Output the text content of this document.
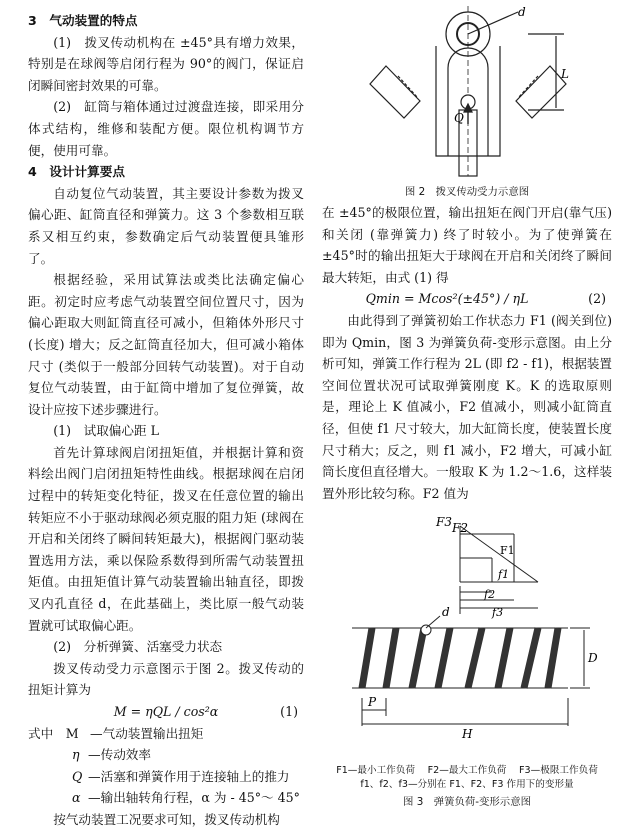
3　气动装置的特点

(1)　拨叉传动机构在 ±45°具有增力效果，特别是在球阀等启闭行程为 90°的阀门，保证启闭瞬间密封效果的可靠。

(2)　缸筒与箱体通过过渡盘连接，即采用分体式结构，维修和装配方便。限位机构调节方便，使用可靠。

4　设计计算要点

自动复位气动装置，其主要设计参数为拨叉偏心距、缸筒直径和弹簧力。这 3 个参数相互联系又相互约束，参数确定后气动装置便具雏形了。

根据经验，采用试算法或类比法确定偏心距。初定时应考虑气动装置空间位置尺寸，因为偏心距取大则缸筒直径可减小，但箱体外形尺寸 (长度) 增大；反之缸筒直径加大，但可减小箱体尺寸 (类似于一般部分回转气动装置)。对于自动复位气动装置，由于缸筒中增加了复位弹簧，故设计应按下述步骤进行。

(1)　试取偏心距 L

首先计算球阀启闭扭矩值，并根据计算和资料绘出阀门启闭扭矩特性曲线。根据球阀在启闭过程中的转矩变化特征，拨叉在任意位置的输出转矩应不小于驱动球阀必须克服的阻力矩 (球阀在开启和关闭终了瞬间转矩最大)，根据阀门驱动装置选用方法，乘以保险系数得到所需气动装置扭矩值。由扭矩值计算气动装置输出轴直径，即拨叉内孔直径 d，在此基础上，类比原一般气动装置就可试取偏心距。

(2)　分析弹簧、活塞受力状态

拨叉传动受力示意图示于图 2。拨叉传动的扭矩计算为

M = ηQL / cos²α	(1)
式中　M —气动装置输出扭矩
η —传动效率
Q —活塞和弹簧作用于连接轴上的推力
α —输出轴转角行程，α 为 - 45°～ 45°

按气动装置工况要求可知，拨叉传动机构

d
L
Q
图 2　拨叉传动受力示意图

在 ±45°的极限位置，输出扭矩在阀门开启(靠气压) 和关闭 (靠弹簧力) 终了时较小。为了使弹簧在 ±45°时的输出扭矩大于球阀在开启和关闭终了瞬间最大转矩，由式 (1) 得

Qmin = Mcos²(±45°) / ηL	(2)

由此得到了弹簧初始工作状态力 F1 (阀关到位) 即为 Qmin，图 3 为弹簧负荷-变形示意图。由上分析可知，弹簧工作行程为 2L (即 f2 - f1)，根据装置空间位置状况可试取弹簧刚度 K。K 的选取原则是，理论上 K 值减小，F2 值减小，则减小缸筒直径，但使 f1 尺寸较大，加大缸筒长度，使装置长度尺寸稍大；反之，则 f1 减小，F2 增大，可减小缸筒长度但直径增大。一般取 K 为 1.2～1.6，这样装置外形比较匀称。F2 值为

F3 F2
F1
f1
f2
f3
d
D
P
H
F1—最小工作负荷　 F2—最大工作负荷　 F3—极限工作负荷　f1、f2、f3—分别在 F1、F2、F3 作用下的变形量
图 3　弹簧负荷-变形示意图
